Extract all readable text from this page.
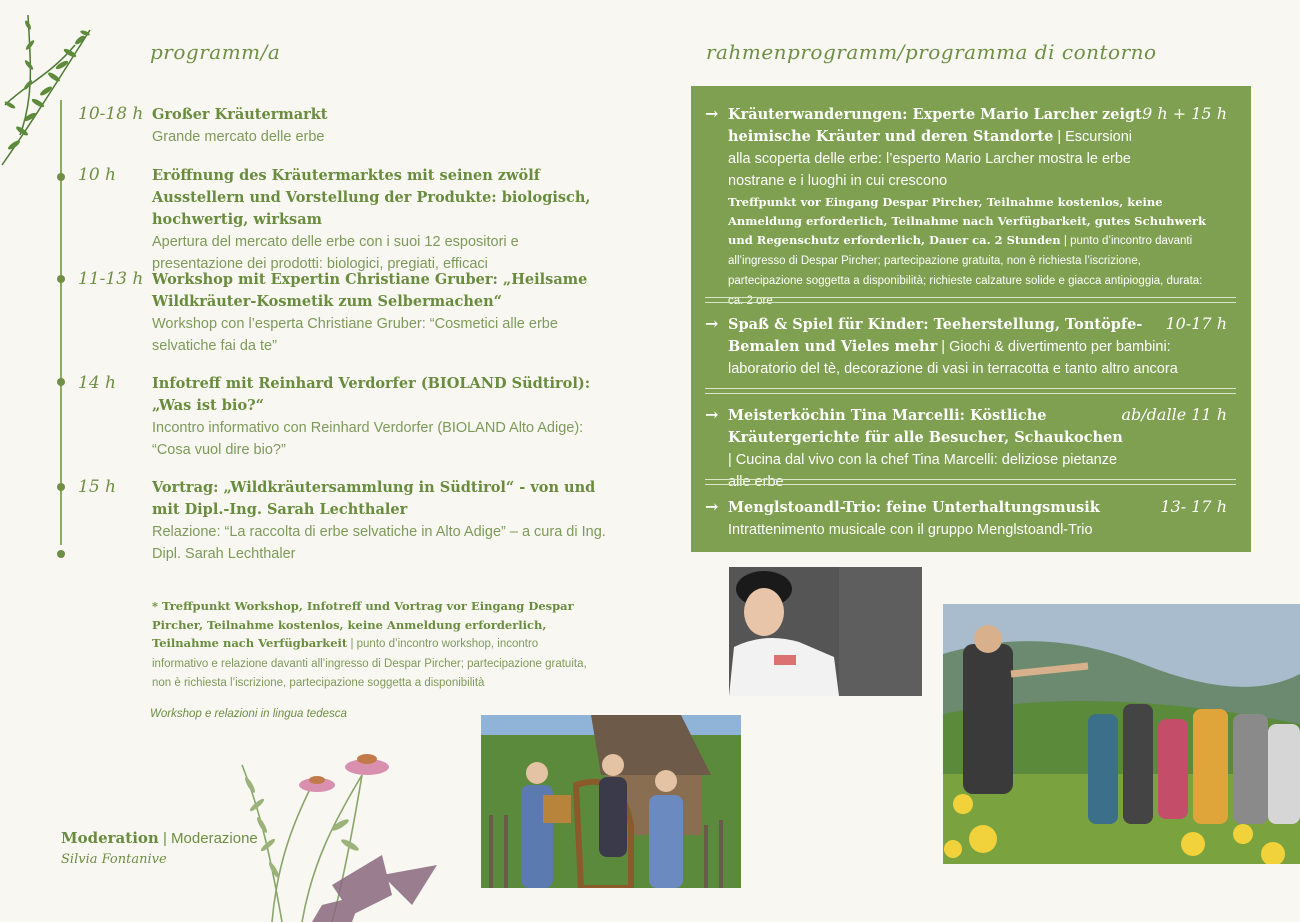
programm/a
10-18 h Großer Kräutermarkt
Grande mercato delle erbe
10 h	Eröffnung des Kräutermarktes mit seinen zwölf Ausstellern und Vorstellung der Produkte: biologisch, hochwertig, wirksam
Apertura del mercato delle erbe con i suoi 12 espositori e presentazione dei prodotti: biologici, pregiati, efficaci
11-13 h Workshop mit Expertin Christiane Gruber: „Heilsame Wildkräuter-Kosmetik zum Selbermachen“
Workshop con l’esperta Christiane Gruber: “Cosmetici alle erbe selvatiche fai da te”
14 h	Infotreff mit Reinhard Verdorfer (BIOLAND Südtirol): „Was ist bio?“
Incontro informativo con Reinhard Verdorfer (BIOLAND Alto Adige): “Cosa vuol dire bio?”
15 h	Vortrag: „Wildkräutersammlung in Südtirol“ - von und mit Dipl.-Ing. Sarah Lechthaler
Relazione: “La raccolta di erbe selvatiche in Alto Adige” – a cura di Ing. Dipl. Sarah Lechthaler
* Treffpunkt Workshop, Infotreff und Vortrag vor Eingang Despar Pircher, Teilnahme kostenlos, keine Anmeldung erforderlich, Teilnahme nach Verfügbarkeit | punto d’incontro workshop, incontro informativo e relazione davanti all’ingresso di Despar Pircher; partecipazione gratuita, non è richiesta l’iscrizione, partecipazione soggetta a disponibilità
Workshop e relazioni in lingua tedesca
Moderation | Moderazione
Silvia Fontanive
rahmenprogramm/programma di contorno
→ Kräuterwanderungen: Experte Mario Larcher zeigt heimische Kräuter und deren Standorte | Escursioni alla scoperta delle erbe: l’esperto Mario Larcher mostra le erbe nostrane e i luoghi in cui crescono
9 h + 15 h
Treffpunkt vor Eingang Despar Pircher, Teilnahme kostenlos, keine Anmeldung erforderlich, Teilnahme nach Verfügbarkeit, gutes Schuhwerk und Regenschutz erforderlich, Dauer ca. 2 Stunden | punto d’incontro davanti all’ingresso di Despar Pircher; partecipazione gratuita, non è richiesta l’iscrizione, partecipazione soggetta a disponibilità; richieste calzature solide e giacca antipioggia, durata: ca. 2 ore
→ Spaß & Spiel für Kinder: Teeherstellung, Tontöpfe-Bemalen und Vieles mehr | Giochi & divertimento per bambini: laboratorio del tè, decorazione di vasi in terracotta e tanto altro ancora
10-17 h
→ Meisterköchin Tina Marcelli: Köstliche Kräutergerichte für alle Besucher, Schaukochen | Cucina dal vivo con la chef Tina Marcelli: deliziose pietanze alle erbe
ab/dalle 11 h
→ Menglstoandl-Trio: feine Unterhaltungsmusik
Intrattenimento musicale con il gruppo Menglstoandl-Trio
13- 17 h
